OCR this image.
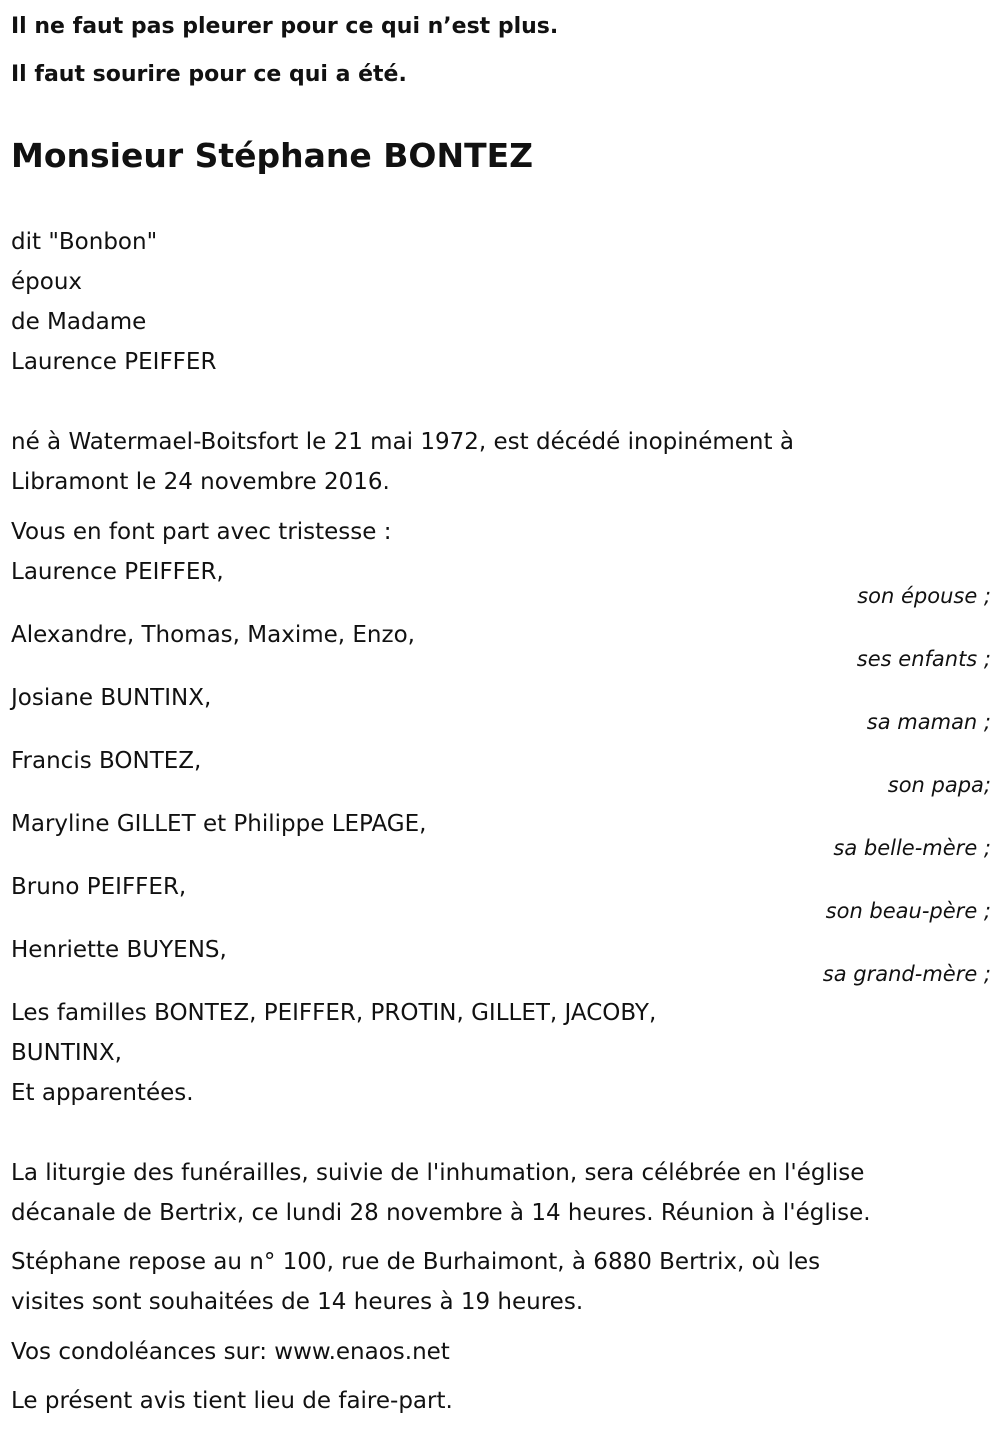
Il ne faut pas pleurer pour ce qui n’est plus.
Il faut sourire pour ce qui a été.
Monsieur Stéphane BONTEZ
dit "Bonbon"
époux
de Madame
Laurence PEIFFER
né à Watermael-Boitsfort le 21 mai 1972, est décédé inopinément à
Libramont le 24 novembre 2016.
Vous en font part avec tristesse :
Laurence PEIFFER,
son épouse ;
Alexandre, Thomas, Maxime, Enzo,
ses enfants ;
Josiane BUNTINX,
sa maman ;
Francis BONTEZ,
son papa;
Maryline GILLET et Philippe LEPAGE,
sa belle-mère ;
Bruno PEIFFER,
son beau-père ;
Henriette BUYENS,
sa grand-mère ;
Les familles BONTEZ, PEIFFER, PROTIN, GILLET, JACOBY,
BUNTINX,
Et apparentées.
La liturgie des funérailles, suivie de l'inhumation, sera célébrée en l'église
décanale de Bertrix, ce lundi 28 novembre à 14 heures. Réunion à l'église.
Stéphane repose au n° 100, rue de Burhaimont, à 6880 Bertrix, où les
visites sont souhaitées de 14 heures à 19 heures.
Vos condoléances sur: www.enaos.net
Le présent avis tient lieu de faire-part.
